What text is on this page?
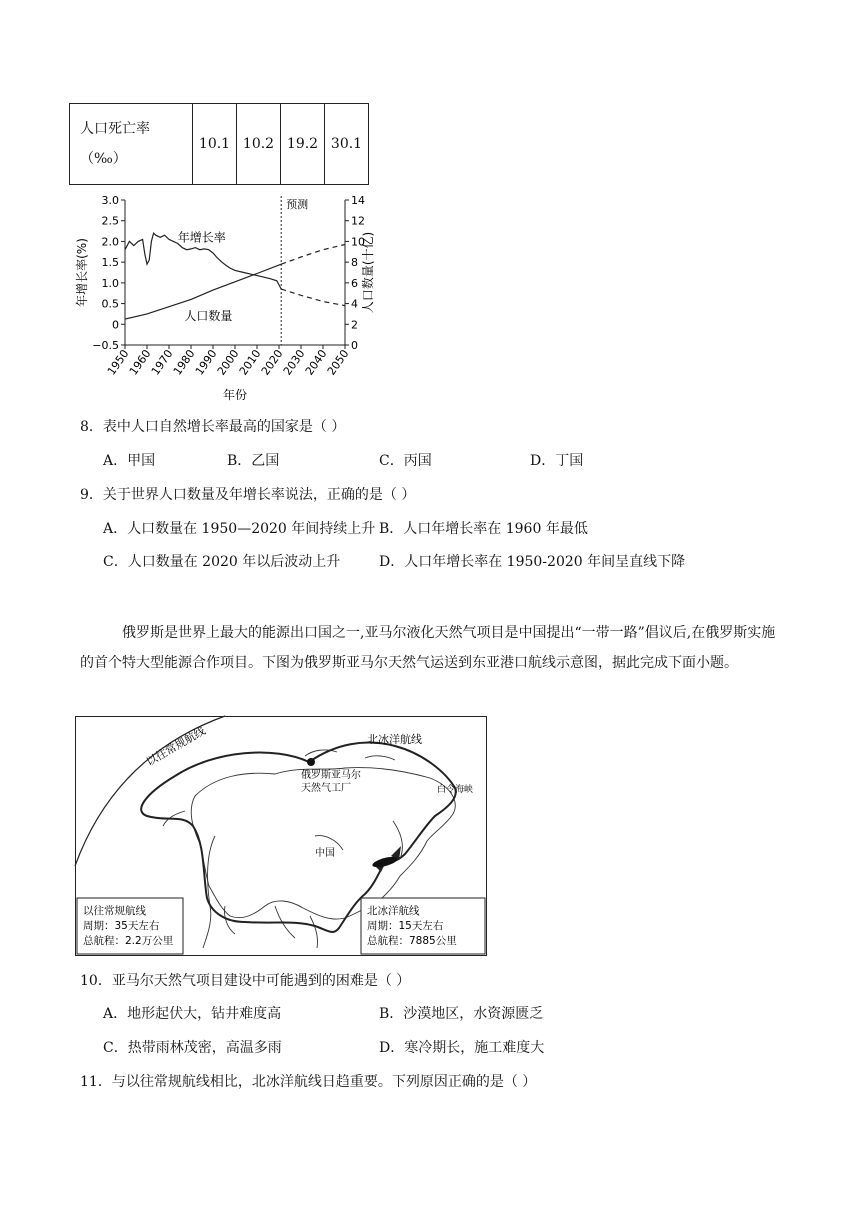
人口死亡率
（‰）	10.1	10.2	19.2	30.1
3.0
2.5
2.0
1.5
1.0
0.5
0
−0.5
14
12
10
8
6
4
2
0
1950
1960
1970
1980
1990
2000
2010
2020
2030
2040
2050
预测
年增长率
人口数量
年增长率(%)	人口数量(十亿)
年份
8．表中人口自然增长率最高的国家是（ ）
A．甲国	B．乙国	C．丙国	D．丁国
9．关于世界人口数量及年增长率说法，正确的是（ ）
A．人口数量在 1950—2020 年间持续上升 B．人口年增长率在 1960 年最低
C．人口数量在 2020 年以后波动上升	D．人口年增长率在 1950-2020 年间呈直线下降
俄罗斯是世界上最大的能源出口国之一,亚马尔液化天然气项目是中国提出“一带一路”倡议后,在俄罗斯实施的首个特大型能源合作项目。下图为俄罗斯亚马尔天然气运送到东亚港口航线示意图，据此完成下面小题。
以往常规航线	北冰洋航线
俄罗斯亚马尔
天然气工厂	白令海峡
中国
以往常规航线
周期：35天左右
总航程：2.2万公里
北冰洋航线
周期：15天左右
总航程：7885公里
10．亚马尔天然气项目建设中可能遇到的困难是（ ）
A．地形起伏大，钻井难度高	B．沙漠地区，水资源匮乏
C．热带雨林茂密，高温多雨	D．寒冷期长，施工难度大
11．与以往常规航线相比，北冰洋航线日趋重要。下列原因正确的是（ ）
